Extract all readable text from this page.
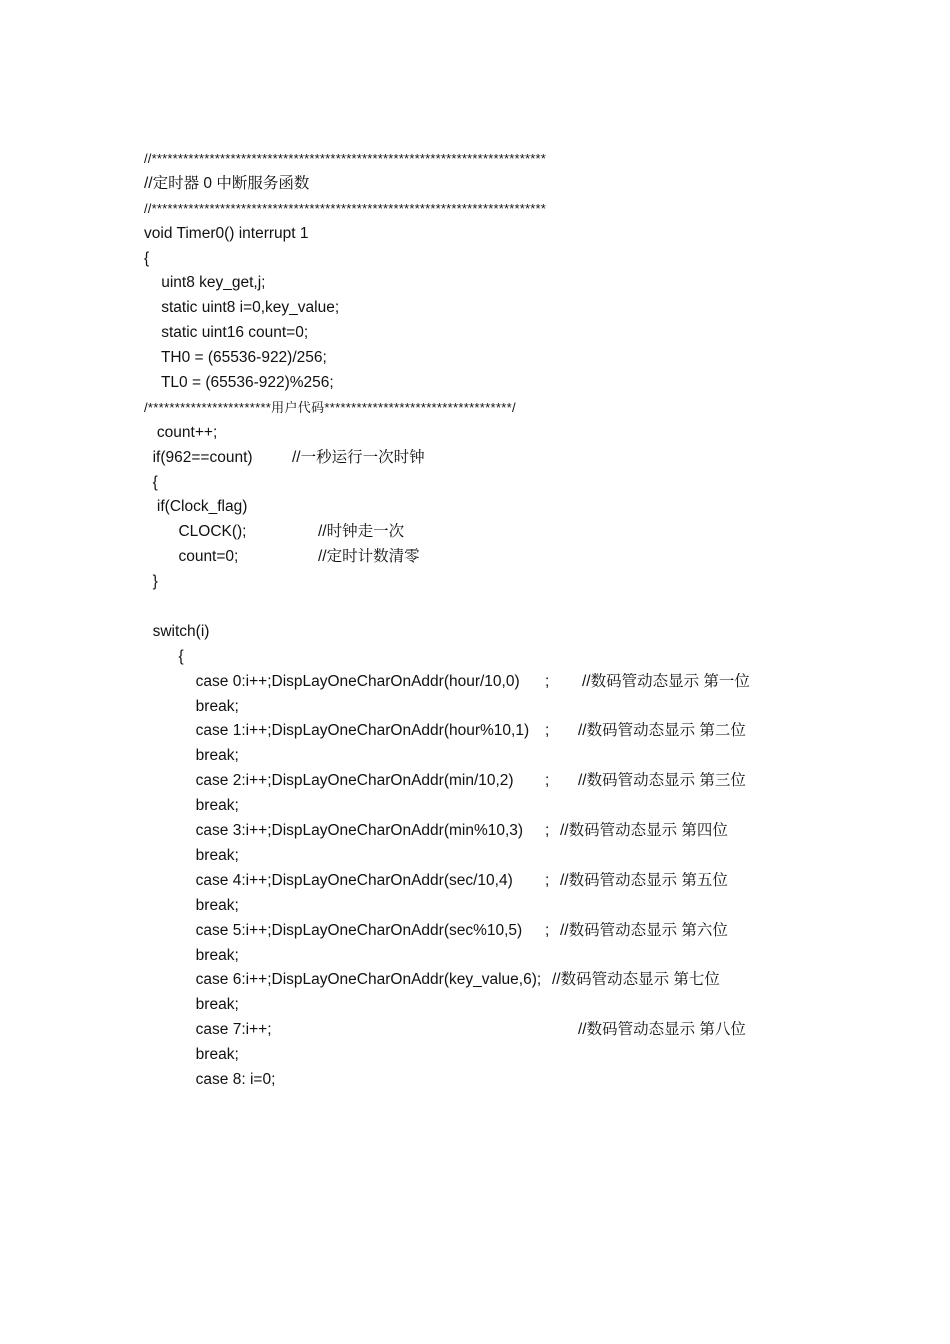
//***************************************************************************
//定时器 0 中断服务函数
//***************************************************************************
void Timer0() interrupt 1
{
uint8 key_get,j;
static uint8 i=0,key_value;
static uint16 count=0;
TH0 = (65536-922)/256;
TL0 = (65536-922)%256;
/***********************用户代码***********************************/
count++;

if(962==count)

	//一秒运行一次时钟

{
if(Clock_flag)

CLOCK();

	//时钟走一次

count=0;

	//定时计数清零

}
switch(i)
{

case 0:i++;DispLayOneCharOnAddr(hour/10,0)

;

//数码管动态显示 第一位

break;

case 1:i++;DispLayOneCharOnAddr(hour%10,1)

;

//数码管动态显示 第二位

break;

case 2:i++;DispLayOneCharOnAddr(min/10,2)

;

//数码管动态显示 第三位

break;

case 3:i++;DispLayOneCharOnAddr(min%10,3)

;

//数码管动态显示 第四位

break;

case 4:i++;DispLayOneCharOnAddr(sec/10,4)

;

//数码管动态显示 第五位

break;

case 5:i++;DispLayOneCharOnAddr(sec%10,5)

;

//数码管动态显示 第六位

break;

case 6:i++;DispLayOneCharOnAddr(key_value,6);

//数码管动态显示 第七位

break;

case 7:i++;

	//数码管动态显示 第八位

break;
case 8: i=0;
